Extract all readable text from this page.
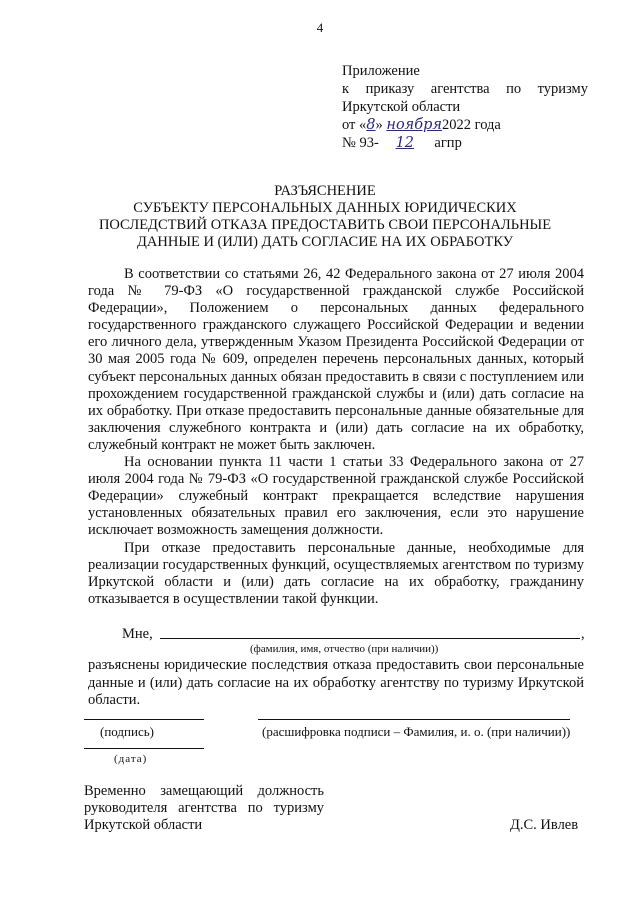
4
Приложение
к приказу агентства по туризму
Иркутской области
от «8» ноября2022 года
№ 93- 12 агпр
РАЗЪЯСНЕНИЕ
СУБЪЕКТУ ПЕРСОНАЛЬНЫХ ДАННЫХ ЮРИДИЧЕСКИХ
ПОСЛЕДСТВИЙ ОТКАЗА ПРЕДОСТАВИТЬ СВОИ ПЕРСОНАЛЬНЫЕ
ДАННЫЕ И (ИЛИ) ДАТЬ СОГЛАСИЕ НА ИХ ОБРАБОТКУ

В соответствии со статьями 26, 42 Федерального закона от 27 июля 2004 года № 79-ФЗ «О государственной гражданской службе Российской Федерации», Положением о персональных данных федерального государственного гражданского служащего Российской Федерации и ведении его личного дела, утвержденным Указом Президента Российской Федерации от 30 мая 2005 года № 609, определен перечень персональных данных, который субъект персональных данных обязан предоставить в связи с поступлением или прохождением государственной гражданской службы и (или) дать согласие на их обработку. При отказе предоставить персональные данные обязательные для заключения служебного контракта и (или) дать согласие на их обработку, служебный контракт не может быть заключен.

На основании пункта 11 части 1 статьи 33 Федерального закона от 27 июля 2004 года № 79-ФЗ «О государственной гражданской службе Российской Федерации» служебный контракт прекращается вследствие нарушения установленных обязательных правил его заключения, если это нарушение исключает возможность замещения должности.

При отказе предоставить персональные данные, необходимые для реализации государственных функций, осуществляемых агентством по туризму Иркутской области и (или) дать согласие на их обработку, гражданину отказывается в осуществлении такой функции.

Мне,	,
(фамилия, имя, отчество (при наличии))
разъяснены юридические последствия отказа предоставить свои персональные данные и (или) дать согласие на их обработку агентству по туризму Иркутской области.
(подпись)	(расшифровка подписи – Фамилия, и. о. (при наличии))
(дата)
Временно замещающий должность
руководителя агентства по туризму
Иркутской области	Д.С. Ивлев
